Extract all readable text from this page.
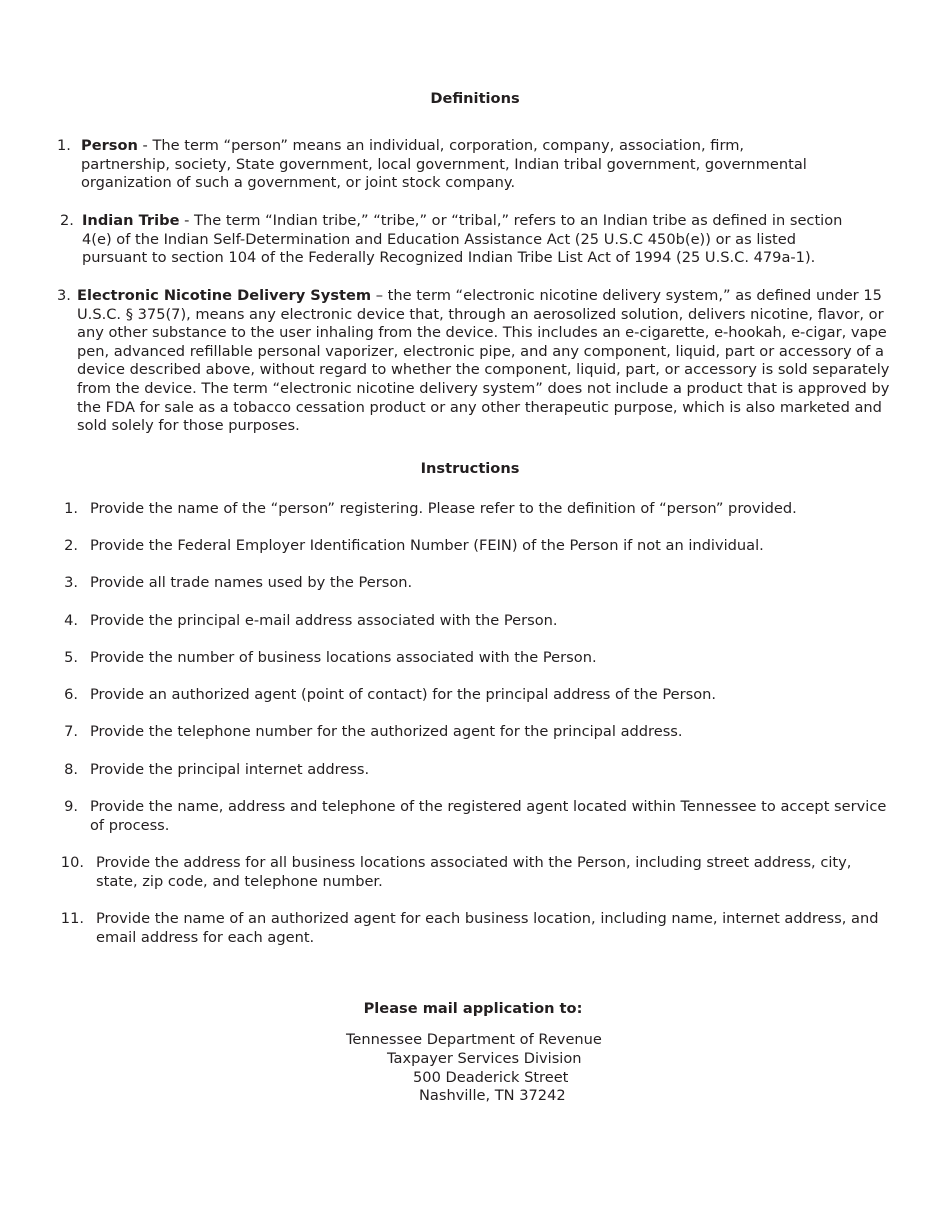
Definitions
1. Person - The term “person” means an individual, corporation, company, association, firm, partnership, society, State government, local government, Indian tribal government, governmental organization of such a government, or joint stock company.

2. Indian Tribe - The term “Indian tribe,” “tribe,” or “tribal,” refers to an Indian tribe as defined in section 4(e) of the Indian Self-Determination and Education Assistance Act (25 U.S.C 450b(e)) or as listed pursuant to section 104 of the Federally Recognized Indian Tribe List Act of 1994 (25 U.S.C. 479a-1).

3. Electronic Nicotine Delivery System – the term “electronic nicotine delivery system,” as defined under 15 U.S.C. § 375(7), means any electronic device that, through an aerosolized solution, delivers nicotine, flavor, or any other substance to the user inhaling from the device. This includes an e-cigarette, e-hookah, e-cigar, vape pen, advanced refillable personal vaporizer, electronic pipe, and any component, liquid, part or accessory of a device described above, without regard to whether the component, liquid, part, or accessory is sold separately from the device. The term “electronic nicotine delivery system” does not include a product that is approved by the FDA for sale as a tobacco cessation product or any other therapeutic purpose, which is also marketed and sold solely for those purposes.

Instructions
1. Provide the name of the “person” registering. Please refer to the definition of “person” provided.
2. Provide the Federal Employer Identification Number (FEIN) of the Person if not an individual.
3. Provide all trade names used by the Person.
4. Provide the principal e-mail address associated with the Person.
5. Provide the number of business locations associated with the Person.
6. Provide an authorized agent (point of contact) for the principal address of the Person.
7. Provide the telephone number for the authorized agent for the principal address.
8. Provide the principal internet address.
9. Provide the name, address and telephone of the registered agent located within Tennessee to accept service of process.
10. Provide the address for all business locations associated with the Person, including street address, city, state, zip code, and telephone number.
11. Provide the name of an authorized agent for each business location, including name, internet address, and email address for each agent.
Please mail application to:
Tennessee Department of Revenue
Taxpayer Services Division
500 Deaderick Street
Nashville, TN 37242
